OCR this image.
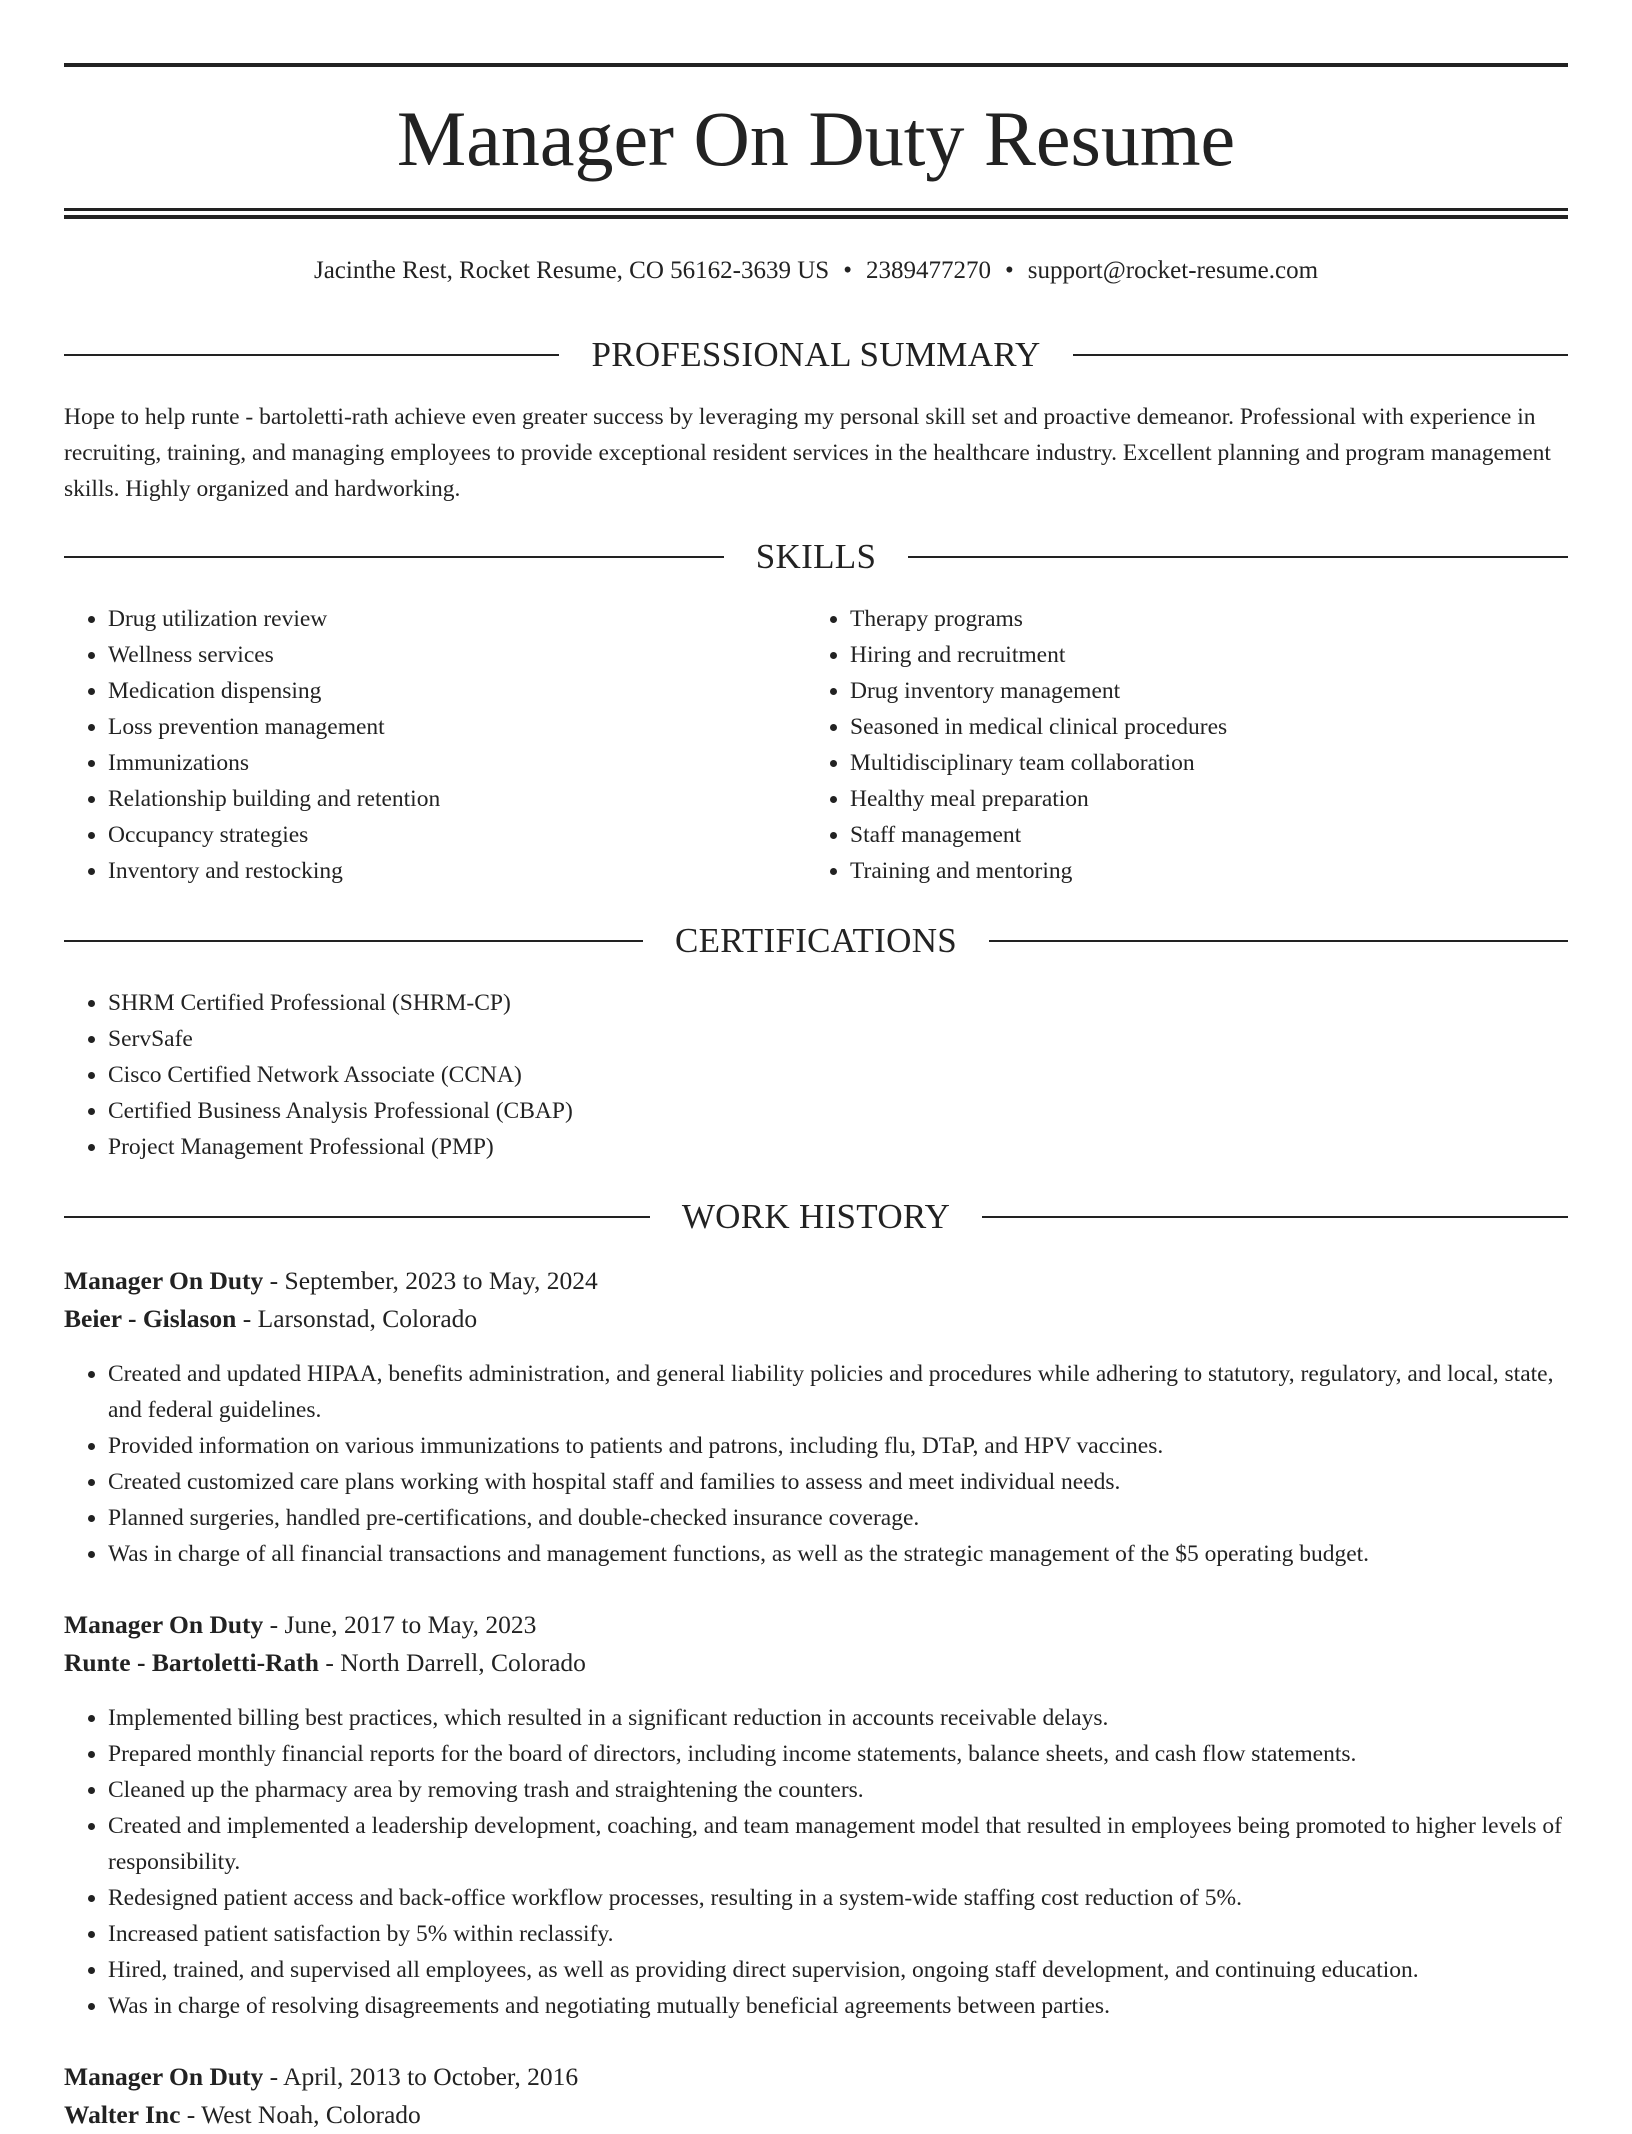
Manager On Duty Resume
Jacinthe Rest, Rocket Resume, CO 56162-3639 US • 2389477270 • support@rocket-resume.com
PROFESSIONAL SUMMARY

Hope to help runte - bartoletti-rath achieve even greater success by leveraging my personal skill set and proactive demeanor. Professional with experience in recruiting, training, and managing employees to provide exceptional resident services in the healthcare industry. Excellent planning and program management skills. Highly organized and hardworking.

SKILLS
• Drug utilization review
• Wellness services
• Medication dispensing
• Loss prevention management
• Immunizations
• Relationship building and retention
• Occupancy strategies
• Inventory and restocking
• Therapy programs
• Hiring and recruitment
• Drug inventory management
• Seasoned in medical clinical procedures
• Multidisciplinary team collaboration
• Healthy meal preparation
• Staff management
• Training and mentoring
CERTIFICATIONS
• SHRM Certified Professional (SHRM-CP)
• ServSafe
• Cisco Certified Network Associate (CCNA)
• Certified Business Analysis Professional (CBAP)
• Project Management Professional (PMP)
WORK HISTORY
Manager On Duty - September, 2023 to May, 2024
Beier - Gislason - Larsonstad, Colorado
• Created and updated HIPAA, benefits administration, and general liability policies and procedures while adhering to statutory, regulatory, and local, state, and federal guidelines.
• Provided information on various immunizations to patients and patrons, including flu, DTaP, and HPV vaccines.
• Created customized care plans working with hospital staff and families to assess and meet individual needs.
• Planned surgeries, handled pre-certifications, and double-checked insurance coverage.
• Was in charge of all financial transactions and management functions, as well as the strategic management of the $5 operating budget.
Manager On Duty - June, 2017 to May, 2023
Runte - Bartoletti-Rath - North Darrell, Colorado
• Implemented billing best practices, which resulted in a significant reduction in accounts receivable delays.
• Prepared monthly financial reports for the board of directors, including income statements, balance sheets, and cash flow statements.
• Cleaned up the pharmacy area by removing trash and straightening the counters.
• Created and implemented a leadership development, coaching, and team management model that resulted in employees being promoted to higher levels of responsibility.
• Redesigned patient access and back-office workflow processes, resulting in a system-wide staffing cost reduction of 5%.
• Increased patient satisfaction by 5% within reclassify.
• Hired, trained, and supervised all employees, as well as providing direct supervision, ongoing staff development, and continuing education.
• Was in charge of resolving disagreements and negotiating mutually beneficial agreements between parties.
Manager On Duty - April, 2013 to October, 2016
Walter Inc - West Noah, Colorado
